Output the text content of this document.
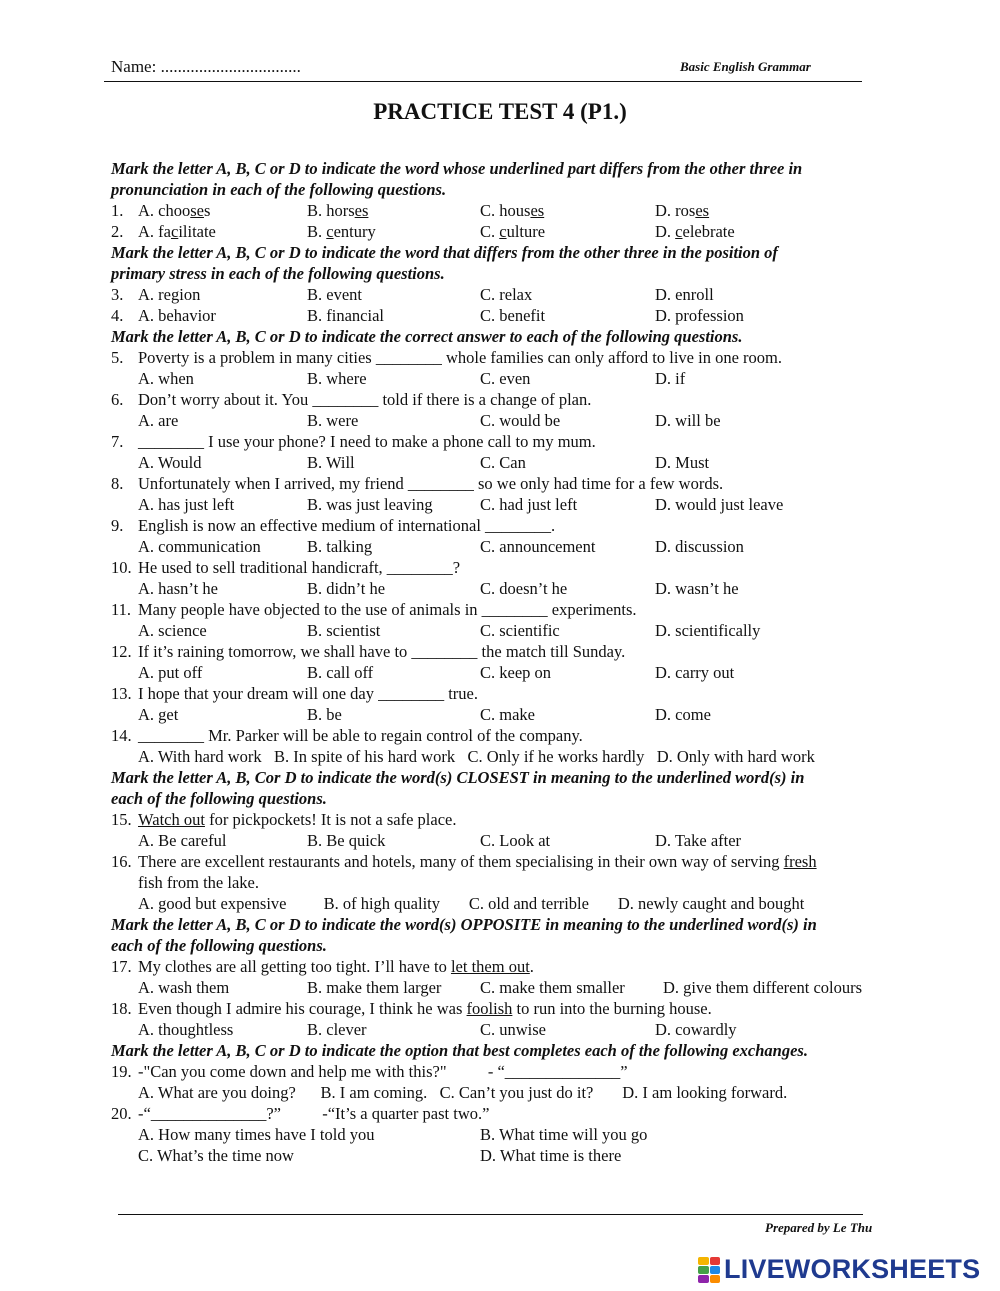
Name: .................................	Basic English Grammar
PRACTICE TEST 4 (P1.)
Mark the letter A, B, C or D to indicate the word whose underlined part differs from the other three in
pronunciation in each of the following questions.
1. A. chooses	B. horses	C. houses	D. roses
2. A. facilitate	B. century	C. culture	D. celebrate
Mark the letter A, B, C or D to indicate the word that differs from the other three in the position of
primary stress in each of the following questions.
3. A. region	B. event	C. relax	D. enroll
4. A. behavior	B. financial	C. benefit	D. profession
Mark the letter A, B, C or D to indicate the correct answer to each of the following questions.
5. Poverty is a problem in many cities ________ whole families can only afford to live in one room.
A. when	B. where	C. even	D. if
6. Don’t worry about it. You ________ told if there is a change of plan.
A. are	B. were	C. would be	D. will be
7. ________ I use your phone? I need to make a phone call to my mum.
A. Would	B. Will	C. Can	D. Must
8. Unfortunately when I arrived, my friend ________ so we only had time for a few words.
A. has just left	B. was just leaving	C. had just left	D. would just leave
9. English is now an effective medium of international ________.
A. communication	B. talking	C. announcement	D. discussion
10. He used to sell traditional handicraft, ________?
A. hasn’t he	B. didn’t he	C. doesn’t he	D. wasn’t he
11. Many people have objected to the use of animals in ________ experiments.
A. science	B. scientist	C. scientific	D. scientifically
12. If it’s raining tomorrow, we shall have to ________ the match till Sunday.
A. put off	B. call off	C. keep on	D. carry out
13. I hope that your dream will one day ________ true.
A. get	B. be	C. make	D. come
14. ________ Mr. Parker will be able to regain control of the company.
A. With hard work   B. In spite of his hard work   C. Only if he works hardly   D. Only with hard work
Mark the letter A, B, Cor D to indicate the word(s) CLOSEST in meaning to the underlined word(s) in
each of the following questions.
15. Watch out for pickpockets! It is not a safe place.
A. Be careful	B. Be quick	C. Look at	D. Take after
16. There are excellent restaurants and hotels, many of them specialising in their own way of serving fresh
fish from the lake.
A. good but expensive         B. of high quality       C. old and terrible       D. newly caught and bought
Mark the letter A, B, C or D to indicate the word(s) OPPOSITE in meaning to the underlined word(s) in
each of the following questions.
17. My clothes are all getting too tight. I’ll have to let them out.
A. wash them	B. make them larger C. make them smaller D. give them different colours
18. Even though I admire his courage, I think he was foolish to run into the burning house.
A. thoughtless	B. clever	C. unwise	D. cowardly
Mark the letter A, B, C or D to indicate the option that best completes each of the following exchanges.
19. -"Can you come down and help me with this?"          - “______________”
A. What are you doing?      B. I am coming.   C. Can’t you just do it?       D. I am looking forward.
20. -“______________?”          -“It’s a quarter past two.”
A. How many times have I told you	B. What time will you go
C. What’s the time now	D. What time is there
Prepared by Le Thu
LIVEWORKSHEETS
